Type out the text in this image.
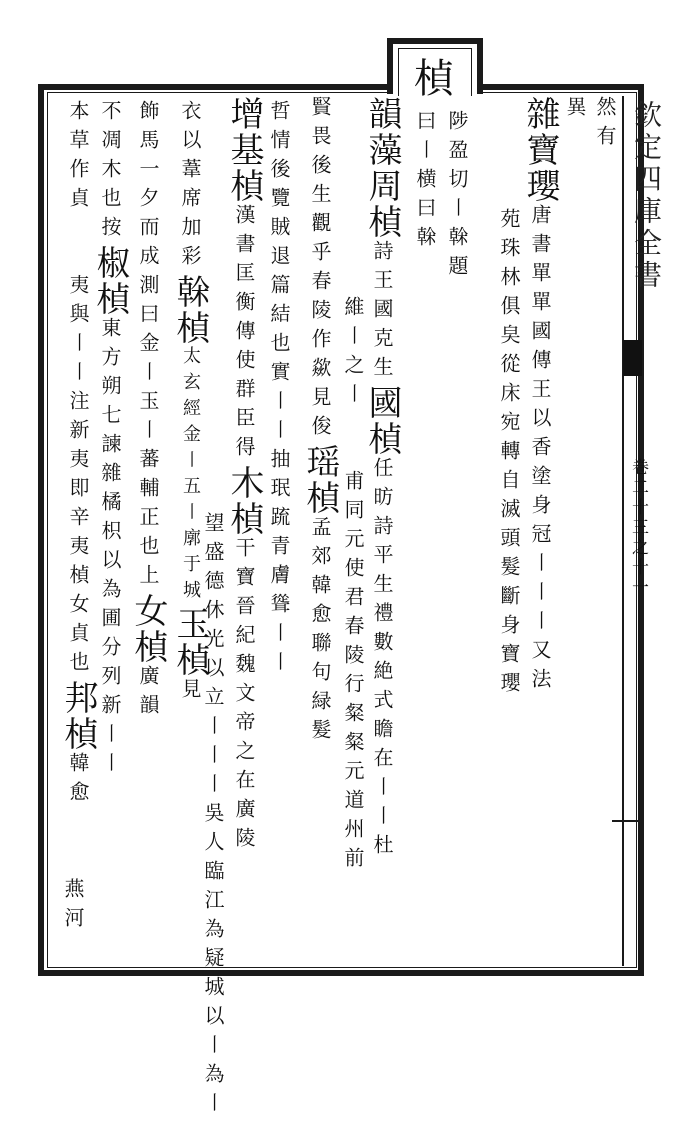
楨
欽定四庫全書
卷二十三之十一
然有
異
雜寶瓔唐書單單國傳王以香塗身冠〡〡〡又法
苑珠林俱㚖從床宛轉自滅頭髮斷身寶瓔
陟盈切〡榦題
曰〡横曰榦
韻藻周楨詩王國克生國楨任昉詩平生禮數絶式瞻在〡〡杜
維〡之〡　　甫同元使君春陵行粲粲元道州前
賢畏後生觀乎春陵作歘見俊瑶楨孟郊韓愈聯句緑髮
哲情後覽賊退篇結也實〡〡抽珉䟽青膚聳〡〡
增基楨漢書匡衡傳使群臣得木楨干寶晉紀魏文帝之在廣陵
望盛德休光以立〡〡〡吳人臨江為疑城以〡為〡
衣以葦席加彩榦楨太玄經金〡五〡廓于城玉楨見
飾馬一夕而成測曰金〡玉〡蕃輔正也上女楨廣韻
不凋木也按椒楨東方朔七諫雜橘枳以為圃分列新〡〡
本草作貞　　夷與〡〡注新夷即辛夷楨女貞也邦楨韓愈
燕河
